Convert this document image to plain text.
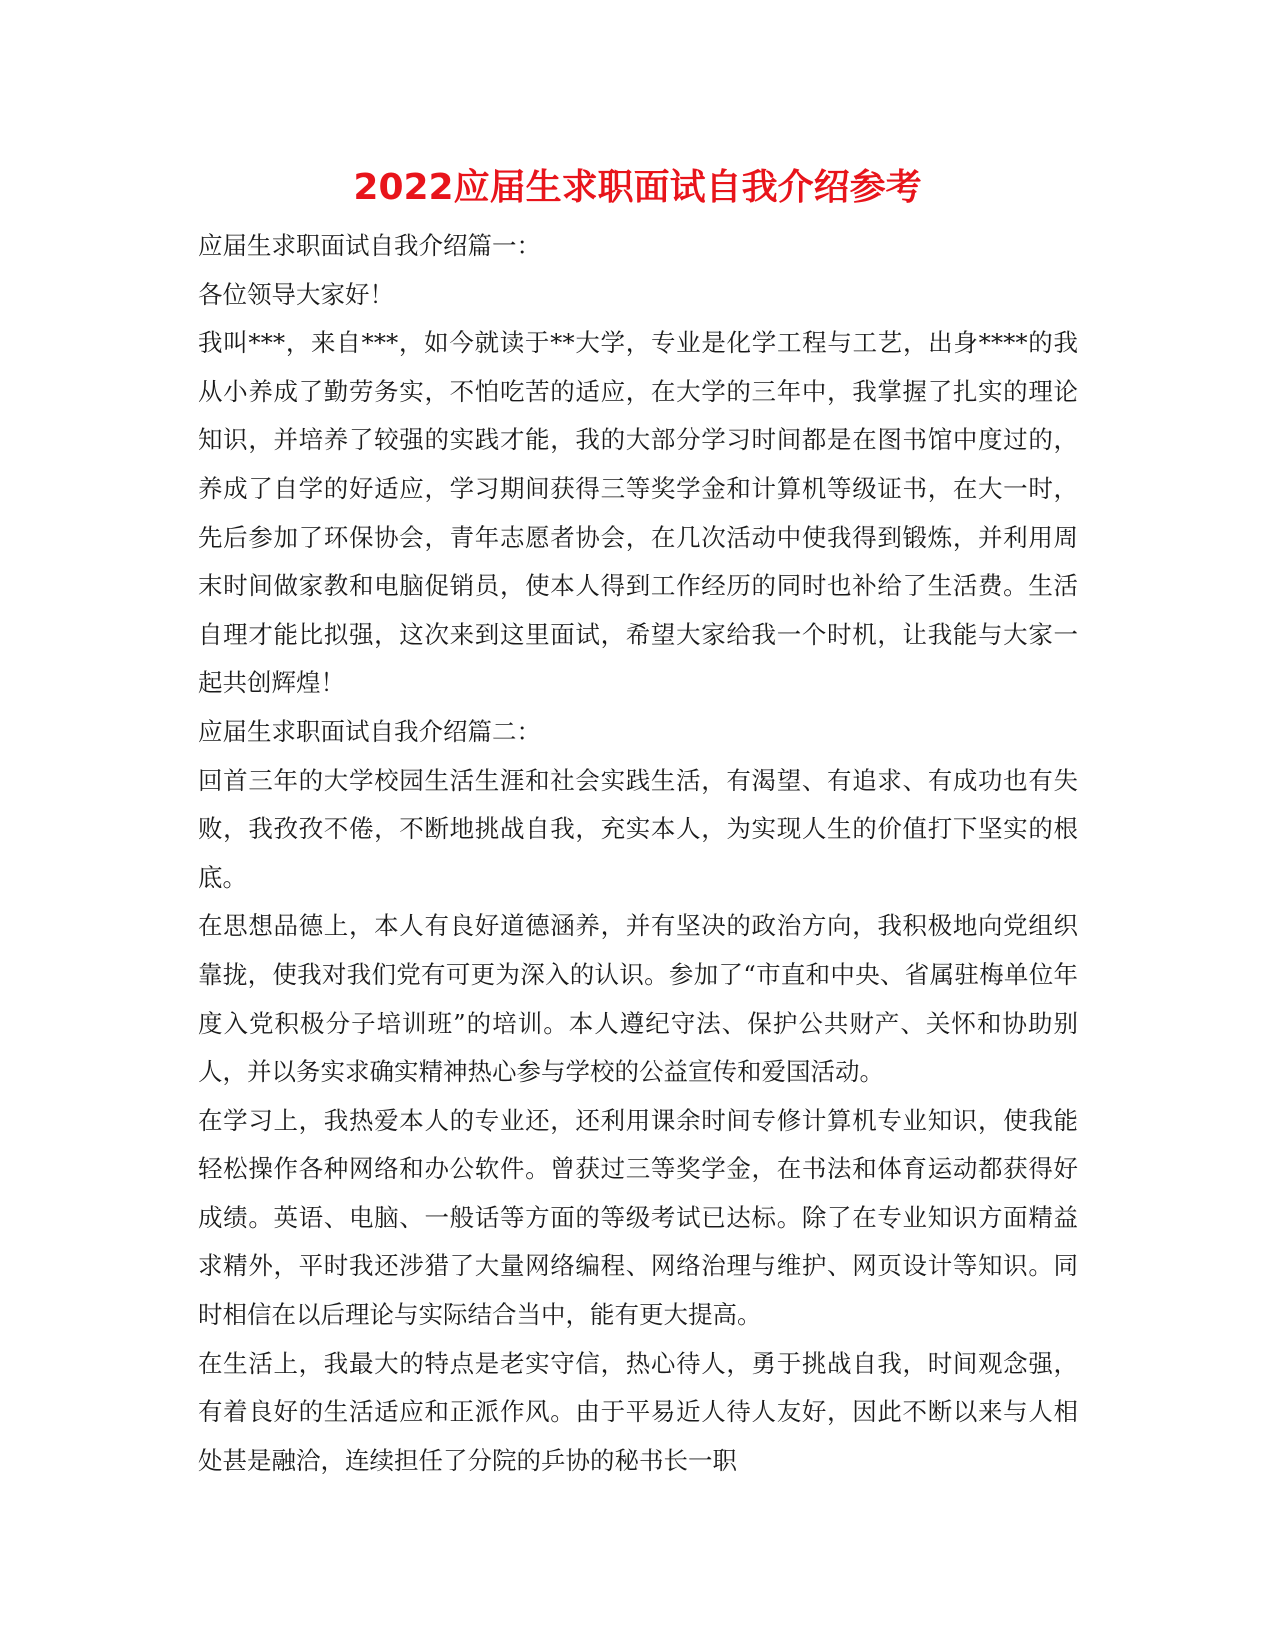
2022应届生求职面试自我介绍参考

应届生求职面试自我介绍篇一：

各位领导大家好！

我叫***，来自***，如今就读于**大学，专业是化学工程与工艺，出身****的我从小养成了勤劳务实，不怕吃苦的适应，在大学的三年中，我掌握了扎实的理论知识，并培养了较强的实践才能，我的大部分学习时间都是在图书馆中度过的，养成了自学的好适应，学习期间获得三等奖学金和计算机等级证书，在大一时，先后参加了环保协会，青年志愿者协会，在几次活动中使我得到锻炼，并利用周末时间做家教和电脑促销员，使本人得到工作经历的同时也补给了生活费。生活自理才能比拟强，这次来到这里面试，希望大家给我一个时机，让我能与大家一起共创辉煌！

应届生求职面试自我介绍篇二：

回首三年的大学校园生活生涯和社会实践生活，有渴望、有追求、有成功也有失败，我孜孜不倦，不断地挑战自我，充实本人，为实现人生的价值打下坚实的根底。

在思想品德上，本人有良好道德涵养，并有坚决的政治方向，我积极地向党组织靠拢，使我对我们党有可更为深入的认识。参加了“市直和中央、省属驻梅单位年度入党积极分子培训班”的培训。本人遵纪守法、保护公共财产、关怀和协助别人，并以务实求确实精神热心参与学校的公益宣传和爱国活动。

在学习上，我热爱本人的专业还，还利用课余时间专修计算机专业知识，使我能轻松操作各种网络和办公软件。曾获过三等奖学金，在书法和体育运动都获得好成绩。英语、电脑、一般话等方面的等级考试已达标。除了在专业知识方面精益求精外，平时我还涉猎了大量网络编程、网络治理与维护、网页设计等知识。同时相信在以后理论与实际结合当中，能有更大提高。

在生活上，我最大的特点是老实守信，热心待人，勇于挑战自我，时间观念强，有着良好的生活适应和正派作风。由于平易近人待人友好，因此不断以来与人相处甚是融洽，连续担任了分院的乒协的秘书长一职
